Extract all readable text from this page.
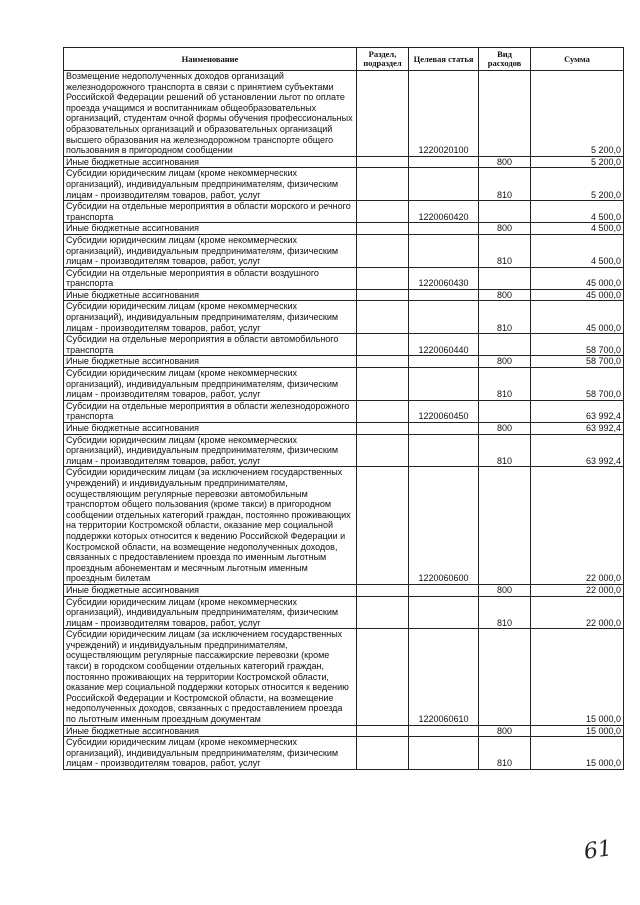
Наименование	Раздел, подраздел	Целевая статья	Вид расходов	Сумма
Возмещение недополученных доходов организаций железнодорожного транспорта в связи с принятием субъектами Российской Федерации решений об установлении льгот по оплате проезда учащимся и воспитанникам общеобразовательных организаций, студентам очной формы обучения профессиональных образовательных организаций и образовательных организаций высшего образования на железнодорожном транспорте общего пользования в пригородном сообщении		1220020100		5 200,0
Иные бюджетные ассигнования			800	5 200,0
Субсидии юридическим лицам (кроме некоммерческих организаций), индивидуальным предпринимателям, физическим лицам - производителям товаров, работ, услуг			810	5 200,0
Субсидии на отдельные мероприятия в области морского и речного транспорта		1220060420		4 500,0
Иные бюджетные ассигнования			800	4 500,0
Субсидии юридическим лицам (кроме некоммерческих организаций), индивидуальным предпринимателям, физическим лицам - производителям товаров, работ, услуг			810	4 500,0
Субсидии на отдельные мероприятия в области воздушного транспорта		1220060430		45 000,0
Иные бюджетные ассигнования			800	45 000,0
Субсидии юридическим лицам (кроме некоммерческих организаций), индивидуальным предпринимателям, физическим лицам - производителям товаров, работ, услуг			810	45 000,0
Субсидии на отдельные мероприятия в области автомобильного транспорта		1220060440		58 700,0
Иные бюджетные ассигнования			800	58 700,0
Субсидии юридическим лицам (кроме некоммерческих организаций), индивидуальным предпринимателям, физическим лицам - производителям товаров, работ, услуг			810	58 700,0
Субсидии на отдельные мероприятия в области железнодорожного транспорта		1220060450		63 992,4
Иные бюджетные ассигнования			800	63 992,4
Субсидии юридическим лицам (кроме некоммерческих организаций), индивидуальным предпринимателям, физическим лицам - производителям товаров, работ, услуг			810	63 992,4
Субсидии юридическим лицам (за исключением государственных учреждений) и индивидуальным предпринимателям, осуществляющим регулярные перевозки автомобильным транспортом общего пользования (кроме такси) в пригородном сообщении отдельных категорий граждан, постоянно проживающих на территории Костромской области, оказание мер социальной поддержки которых относится к ведению Российской Федерации и Костромской области, на возмещение недополученных доходов, связанных с предоставлением проезда по именным льготным проездным абонементам и месячным льготным именным проездным билетам		1220060600		22 000,0
Иные бюджетные ассигнования			800	22 000,0
Субсидии юридическим лицам (кроме некоммерческих организаций), индивидуальным предпринимателям, физическим лицам - производителям товаров, работ, услуг			810	22 000,0
Субсидии юридическим лицам (за исключением государственных учреждений) и индивидуальным предпринимателям, осуществляющим регулярные пассажирские перевозки (кроме такси) в городском сообщении отдельных категорий граждан, постоянно проживающих на территории Костромской области, оказание мер социальной поддержки которых относится к ведению Российской Федерации и Костромской области, на возмещение недополученных доходов, связанных с предоставлением проезда по льготным именным проездным документам		1220060610		15 000,0
Иные бюджетные ассигнования			800	15 000,0
Субсидии юридическим лицам (кроме некоммерческих организаций), индивидуальным предпринимателям, физическим лицам - производителям товаров, работ, услуг			810	15 000,0
61
